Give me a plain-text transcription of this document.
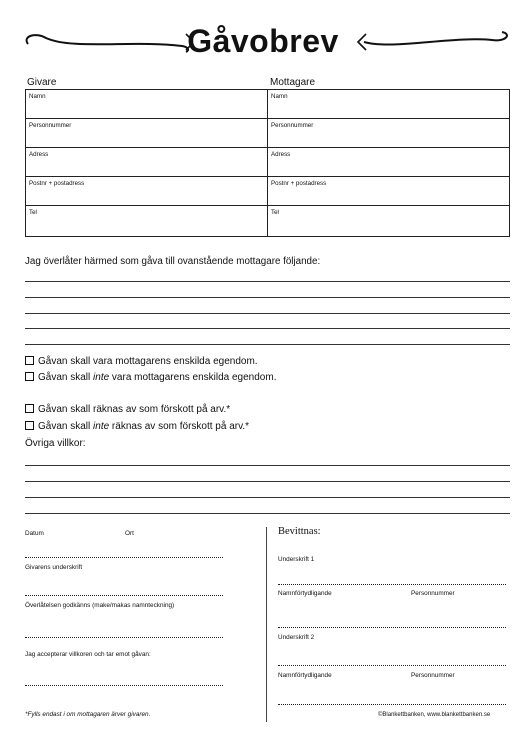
Gåvobrev
Givare	Mottagare
Namn	Namn
Personnummer	Personnummer
Adress	Adress
Postnr + postadress	Postnr + postadress
Tel	Tel
Jag överlåter härmed som gåva till ovanstående mottagare följande:
Gåvan skall vara mottagarens enskilda egendom.
Gåvan skall inte vara mottagarens enskilda egendom.
Gåvan skall räknas av som förskott på arv.*
Gåvan skall inte räknas av som förskott på arv.*
Övriga villkor:
Datum	Ort
Givarens underskrift
Överlåtelsen godkänns (make/makas namnteckning)
Jag accepterar villkoren och tar emot gåvan:
*Fylls endast i om mottagaren ärver givaren.
Bevittnas:
Underskrift 1
Namnförtydligande	Personnummer
Underskrift 2
Namnförtydligande	Personnummer
©Blankettbanken, www.blankettbanken.se
